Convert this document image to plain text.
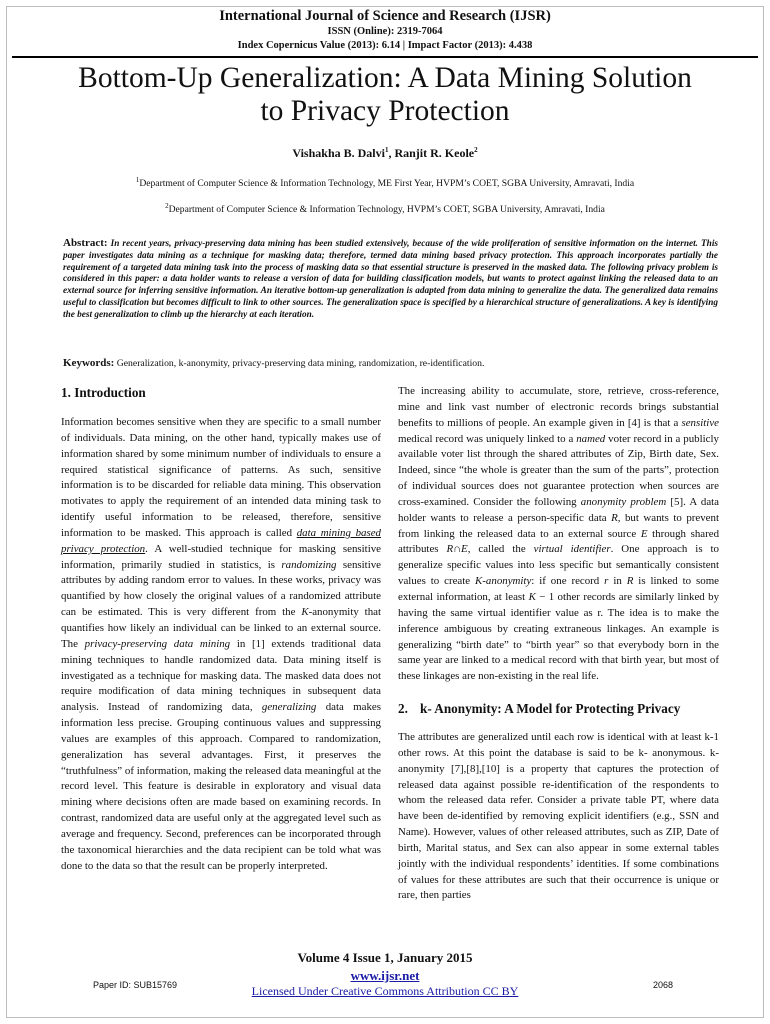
International Journal of Science and Research (IJSR)
ISSN (Online): 2319-7064
Index Copernicus Value (2013): 6.14 | Impact Factor (2013): 4.438
Bottom-Up Generalization: A Data Mining Solution
to Privacy Protection
Vishakha B. Dalvi$^1$, Ranjit R. Keole$^2$
$^1$Department of Computer Science & Information Technology, ME First Year, HVPM’s COET, SGBA University, Amravati, India
$^2$Department of Computer Science & Information Technology, HVPM’s COET, SGBA University, Amravati, India
Abstract: In recent years, privacy-preserving data mining has been studied extensively, because of the wide proliferation of sensitive information on the internet. This paper investigates data mining as a technique for masking data; therefore, termed data mining based privacy protection. This approach incorporates partially the requirement of a targeted data mining task into the process of masking data so that essential structure is preserved in the masked data. The following privacy problem is considered in this paper: a data holder wants to release a version of data for building classification models, but wants to protect against linking the released data to an external source for inferring sensitive information. An iterative bottom-up generalization is adapted from data mining to generalize the data. The generalized data remains useful to classification but becomes difficult to link to other sources. The generalization space is specified by a hierarchical structure of generalizations. A key is identifying the best generalization to climb up the hierarchy at each iteration.
Keywords: Generalization, k-anonymity, privacy-preserving data mining, randomization, re-identification.
1. Introduction

Information becomes sensitive when they are specific to a small number of individuals. Data mining, on the other hand, typically makes use of information shared by some minimum number of individuals to ensure a required statistical significance of patterns. As such, sensitive information is to be discarded for reliable data mining. This observation motivates to apply the requirement of an intended data mining task to identify useful information to be released, therefore, sensitive information to be masked. This approach is called data mining based privacy protection. A well-studied technique for masking sensitive information, primarily studied in statistics, is randomizing sensitive attributes by adding random error to values. In these works, privacy was quantified by how closely the original values of a randomized attribute can be estimated. This is very different from the K-anonymity that quantifies how likely an individual can be linked to an external source. The privacy-preserving data mining in [1] extends traditional data mining techniques to handle randomized data. Data mining itself is investigated as a technique for masking data. The masked data does not require modification of data mining techniques in subsequent data analysis. Instead of randomizing data, generalizing data makes information less precise. Grouping continuous values and suppressing values are examples of this approach. Compared to randomization, generalization has several advantages. First, it preserves the “truthfulness” of information, making the released data meaningful at the record level. This feature is desirable in exploratory and visual data mining where decisions often are made based on examining records. In contrast, randomized data are useful only at the aggregated level such as average and frequency. Second, preferences can be incorporated through the taxonomical hierarchies and the data recipient can be told what was done to the data so that the result can be properly interpreted.

The increasing ability to accumulate, store, retrieve, cross-reference, mine and link vast number of electronic records brings substantial benefits to millions of people. An example given in [4] is that a sensitive medical record was uniquely linked to a named voter record in a publicly available voter list through the shared attributes of Zip, Birth date, Sex. Indeed, since “the whole is greater than the sum of the parts”, protection of individual sources does not guarantee protection when sources are cross-examined. Consider the following anonymity problem [5]. A data holder wants to release a person-specific data R, but wants to prevent from linking the released data to an external source E through shared attributes R∩E, called the virtual identifier. One approach is to generalize specific values into less specific but semantically consistent values to create K-anonymity: if one record r in R is linked to some external information, at least K − 1 other records are similarly linked by having the same virtual identifier value as r. The idea is to make the inference ambiguous by creating extraneous linkages. An example is generalizing “birth date” to “birth year” so that everybody born in the same year are linked to a medical record with that birth year, but most of these linkages are non-existing in the real life.

2. k- Anonymity: A Model for Protecting Privacy

The attributes are generalized until each row is identical with at least k-1 other rows. At this point the database is said to be k- anonymous. k-anonymity [7],[8],[10] is a property that captures the protection of released data against possible re-identification of the respondents to whom the released data refer. Consider a private table PT, where data have been de-identified by removing explicit identifiers (e.g., SSN and Name). However, values of other released attributes, such as ZIP, Date of birth, Marital status, and Sex can also appear in some external tables jointly with the individual respondents’ identities. If some combinations of values for these attributes are such that their occurrence is unique or rare, then parties

Volume 4 Issue 1, January 2015
www.ijsr.net
Licensed Under Creative Commons Attribution CC BY
Paper ID: SUB15769	2068
